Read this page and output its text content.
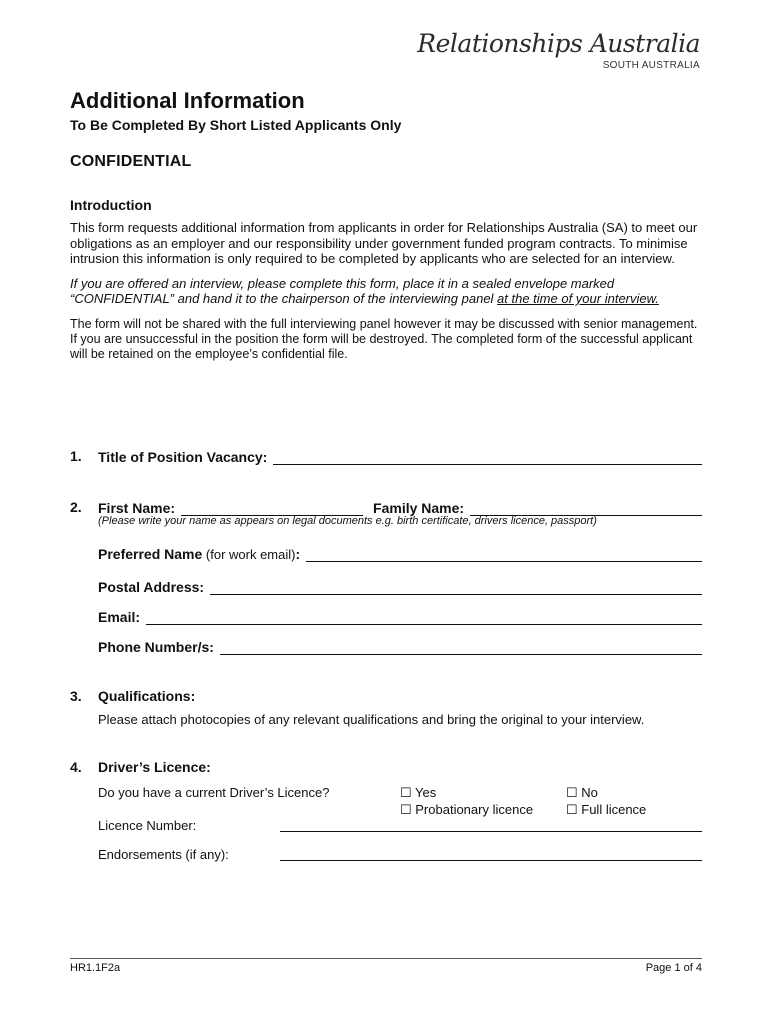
Relationships Australia
SOUTH AUSTRALIA
Additional Information
To Be Completed By Short Listed Applicants Only
CONFIDENTIAL
Introduction

This form requests additional information from applicants in order for Relationships Australia (SA) to meet our obligations as an employer and our responsibility under government funded program contracts. To minimise intrusion this information is only required to be completed by applicants who are selected for an interview.

If you are offered an interview, please complete this form, place it in a sealed envelope marked “CONFIDENTIAL” and hand it to the chairperson of the interviewing panel at the time of your interview.

The form will not be shared with the full interviewing panel however it may be discussed with senior management. If you are unsuccessful in the position the form will be destroyed. The completed form of the successful applicant will be retained on the employee’s confidential file.

1. Title of Position Vacancy:
2. First Name:	Family Name:
(Please write your name as appears on legal documents e.g. birth certificate, drivers licence, passport)
Preferred Name (for work email):
Postal Address:
Email:
Phone Number/s:
3. Qualifications:
Please attach photocopies of any relevant qualifications and bring the original to your interview.
4. Driver’s Licence:
Do you have a current Driver’s Licence?	☐ Yes	☐ No
☐ Probationary licence	☐ Full licence
Licence Number:
Endorsements (if any):
HR1.1F2a	Page 1 of 4
